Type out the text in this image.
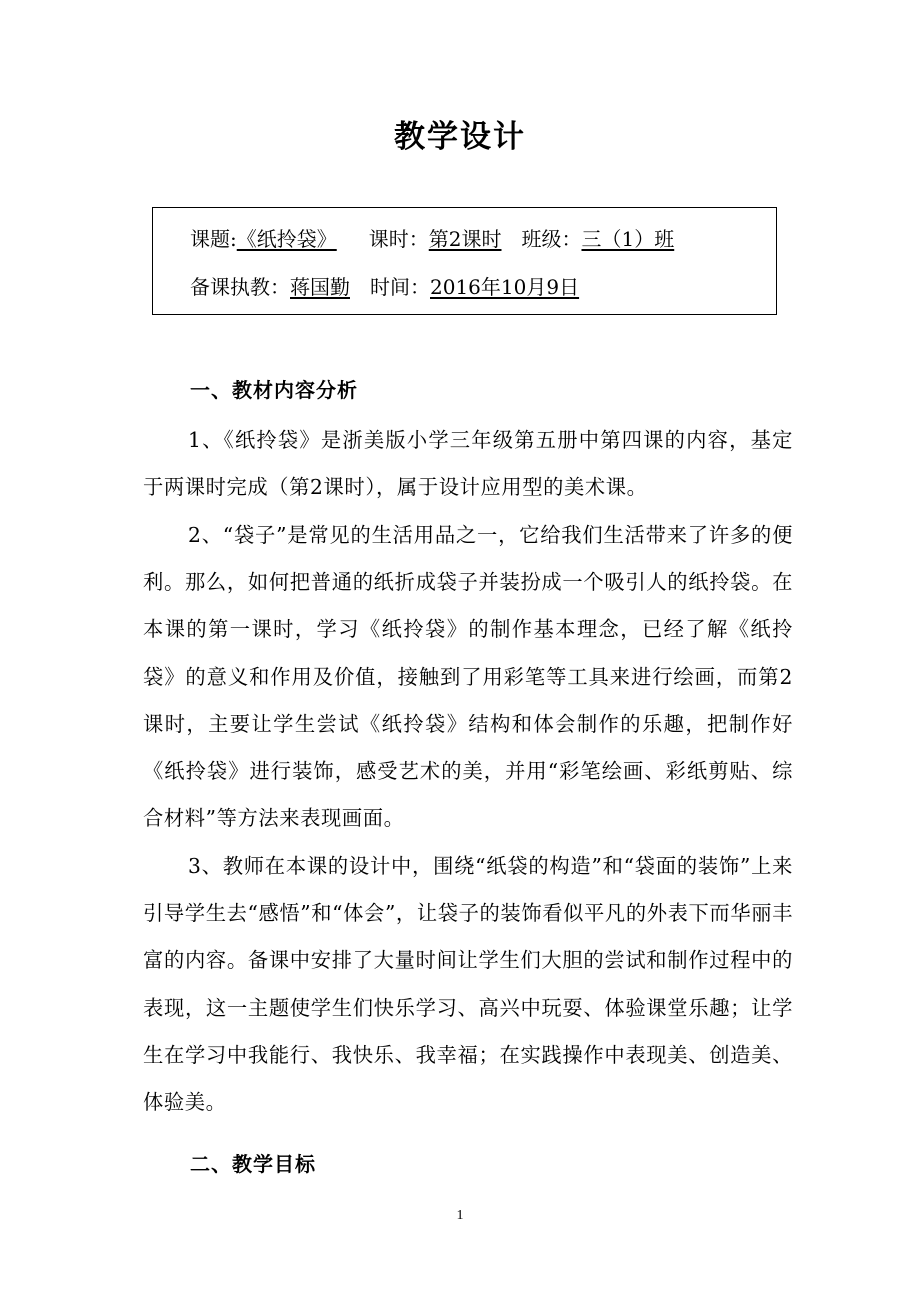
教学设计
课题:《纸拎袋》 课时：第2课时 班级：三（1）班
备课执教：蒋国勤 时间：2016年10月9日
一、教材内容分析

1、《纸拎袋》是浙美版小学三年级第五册中第四课的内容，基定于两课时完成（第2课时），属于设计应用型的美术课。

2、“袋子”是常见的生活用品之一，它给我们生活带来了许多的便利。那么，如何把普通的纸折成袋子并装扮成一个吸引人的纸拎袋。在本课的第一课时，学习《纸拎袋》的制作基本理念，已经了解《纸拎袋》的意义和作用及价值，接触到了用彩笔等工具来进行绘画，而第2课时，主要让学生尝试《纸拎袋》结构和体会制作的乐趣，把制作好《纸拎袋》进行装饰，感受艺术的美，并用“彩笔绘画、彩纸剪贴、综合材料”等方法来表现画面。

3、教师在本课的设计中，围绕“纸袋的构造”和“袋面的装饰”上来引导学生去“感悟”和“体会”，让袋子的装饰看似平凡的外表下而华丽丰富的内容。备课中安排了大量时间让学生们大胆的尝试和制作过程中的表现，这一主题使学生们快乐学习、高兴中玩耍、体验课堂乐趣；让学生在学习中我能行、我快乐、我幸福；在实践操作中表现美、创造美、体验美。

二、教学目标
1
